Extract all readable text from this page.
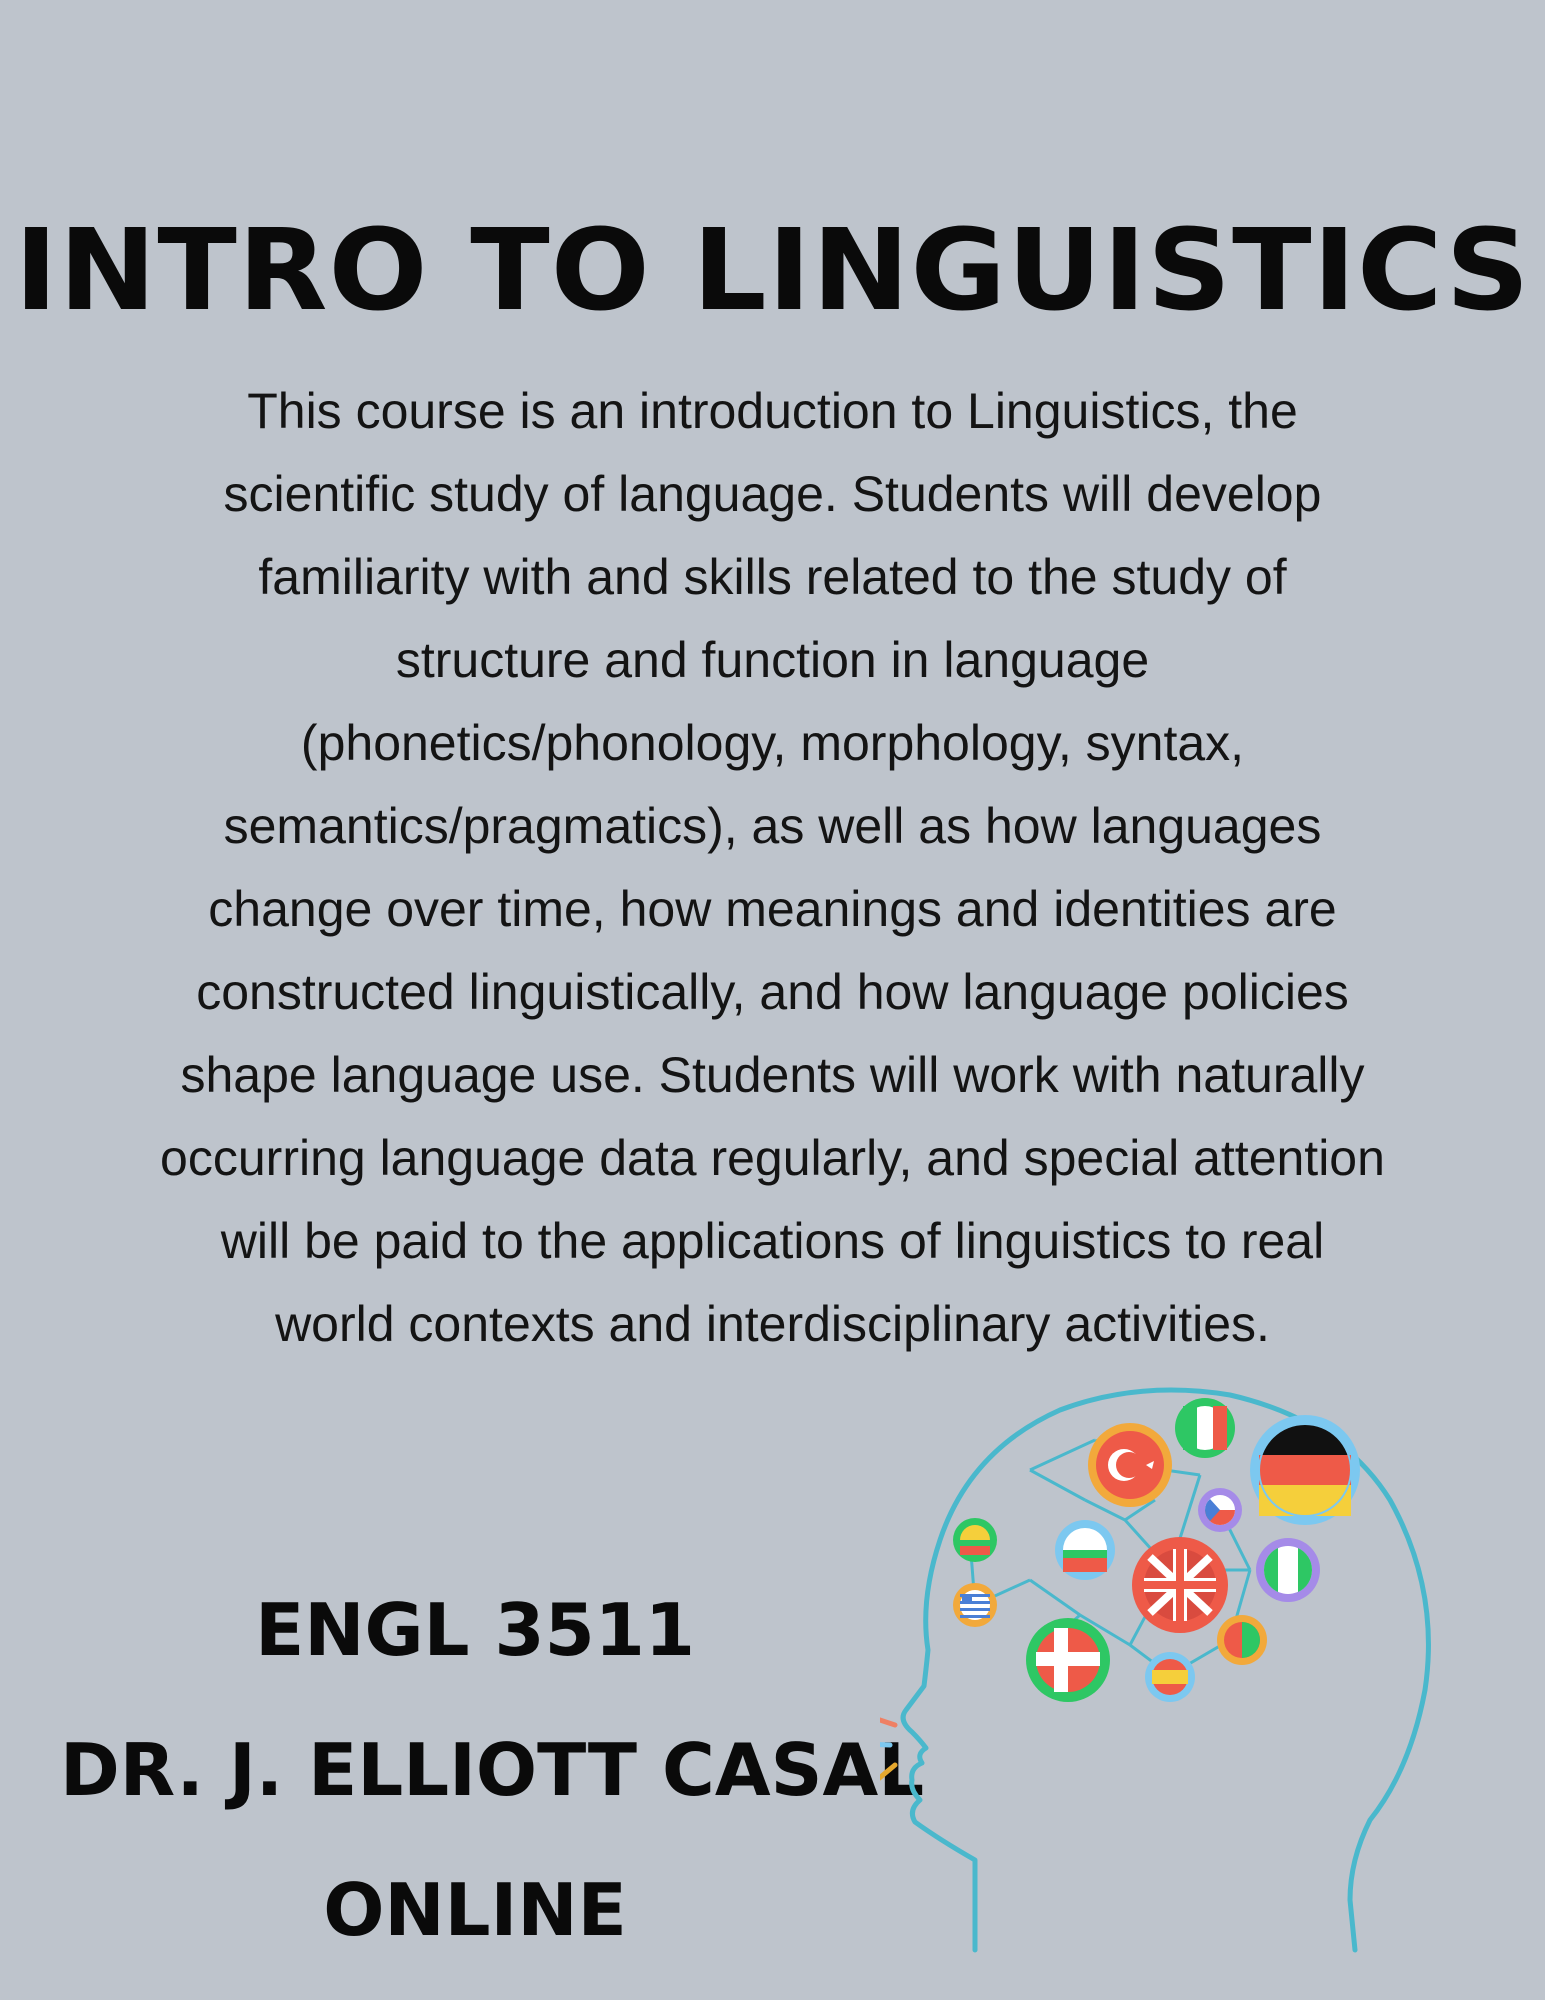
INTRO TO LINGUISTICS
This course is an introduction to Linguistics, the
scientific study of language. Students will develop
familiarity with and skills related to the study of
structure and function in language
(phonetics/phonology, morphology, syntax,
semantics/pragmatics), as well as how languages
change over time, how meanings and identities are
constructed linguistically, and how language policies
shape language use. Students will work with naturally
occurring language data regularly, and special attention
will be paid to the applications of linguistics to real
world contexts and interdisciplinary activities.
ENGL 3511
DR. J. ELLIOTT CASAL
ONLINE
